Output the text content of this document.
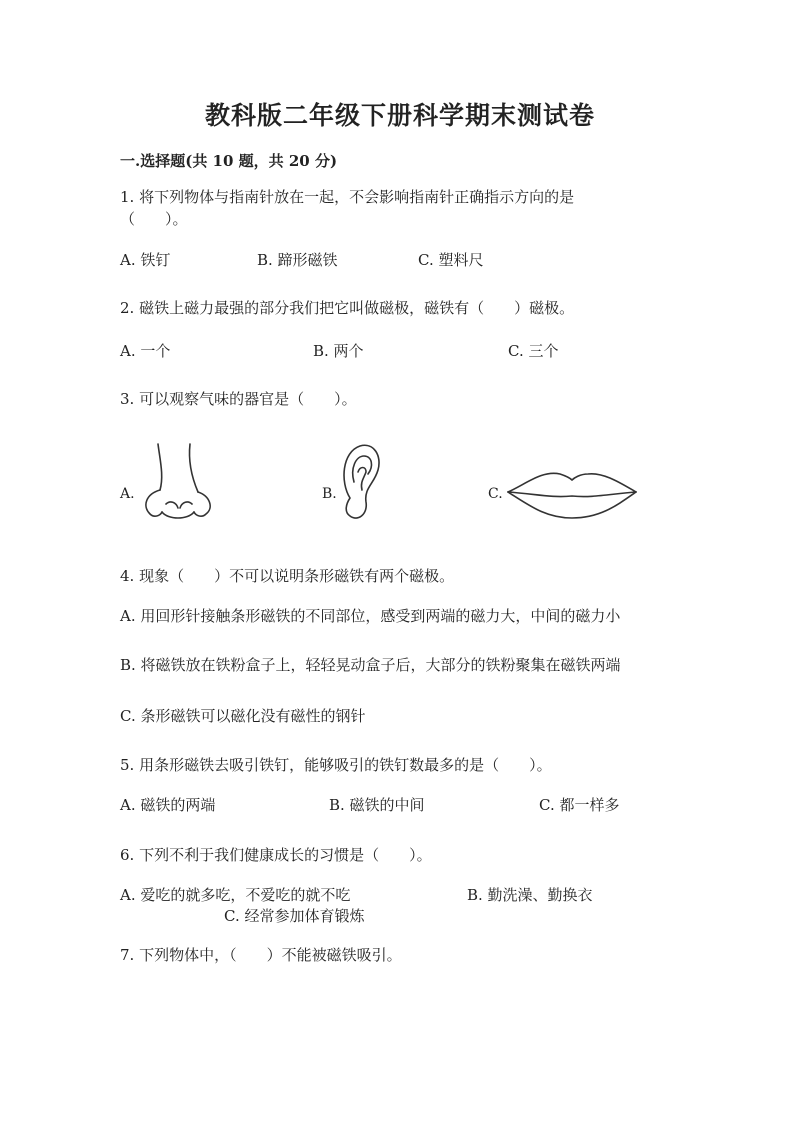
教科版二年级下册科学期末测试卷
一.选择题(共 10 题，共 20 分)
1. 将下列物体与指南针放在一起，不会影响指南针正确指示方向的是
（　　）。
A. 铁钉	B. 蹄形磁铁	C. 塑料尺
2. 磁铁上磁力最强的部分我们把它叫做磁极，磁铁有（　　）磁极。
A. 一个	B. 两个	C. 三个
3. 可以观察气味的器官是（　　）。
A.	B.	C.
4. 现象（　　）不可以说明条形磁铁有两个磁极。
A. 用回形针接触条形磁铁的不同部位，感受到两端的磁力大，中间的磁力小
B. 将磁铁放在铁粉盒子上，轻轻晃动盒子后，大部分的铁粉聚集在磁铁两端
C. 条形磁铁可以磁化没有磁性的钢针
5. 用条形磁铁去吸引铁钉，能够吸引的铁钉数最多的是（　　）。
A. 磁铁的两端	B. 磁铁的中间	C. 都一样多
6. 下列不利于我们健康成长的习惯是（　　）。
A. 爱吃的就多吃，不爱吃的就不吃	B. 勤洗澡、勤换衣
C. 经常参加体育锻炼
7. 下列物体中，（　　）不能被磁铁吸引。
